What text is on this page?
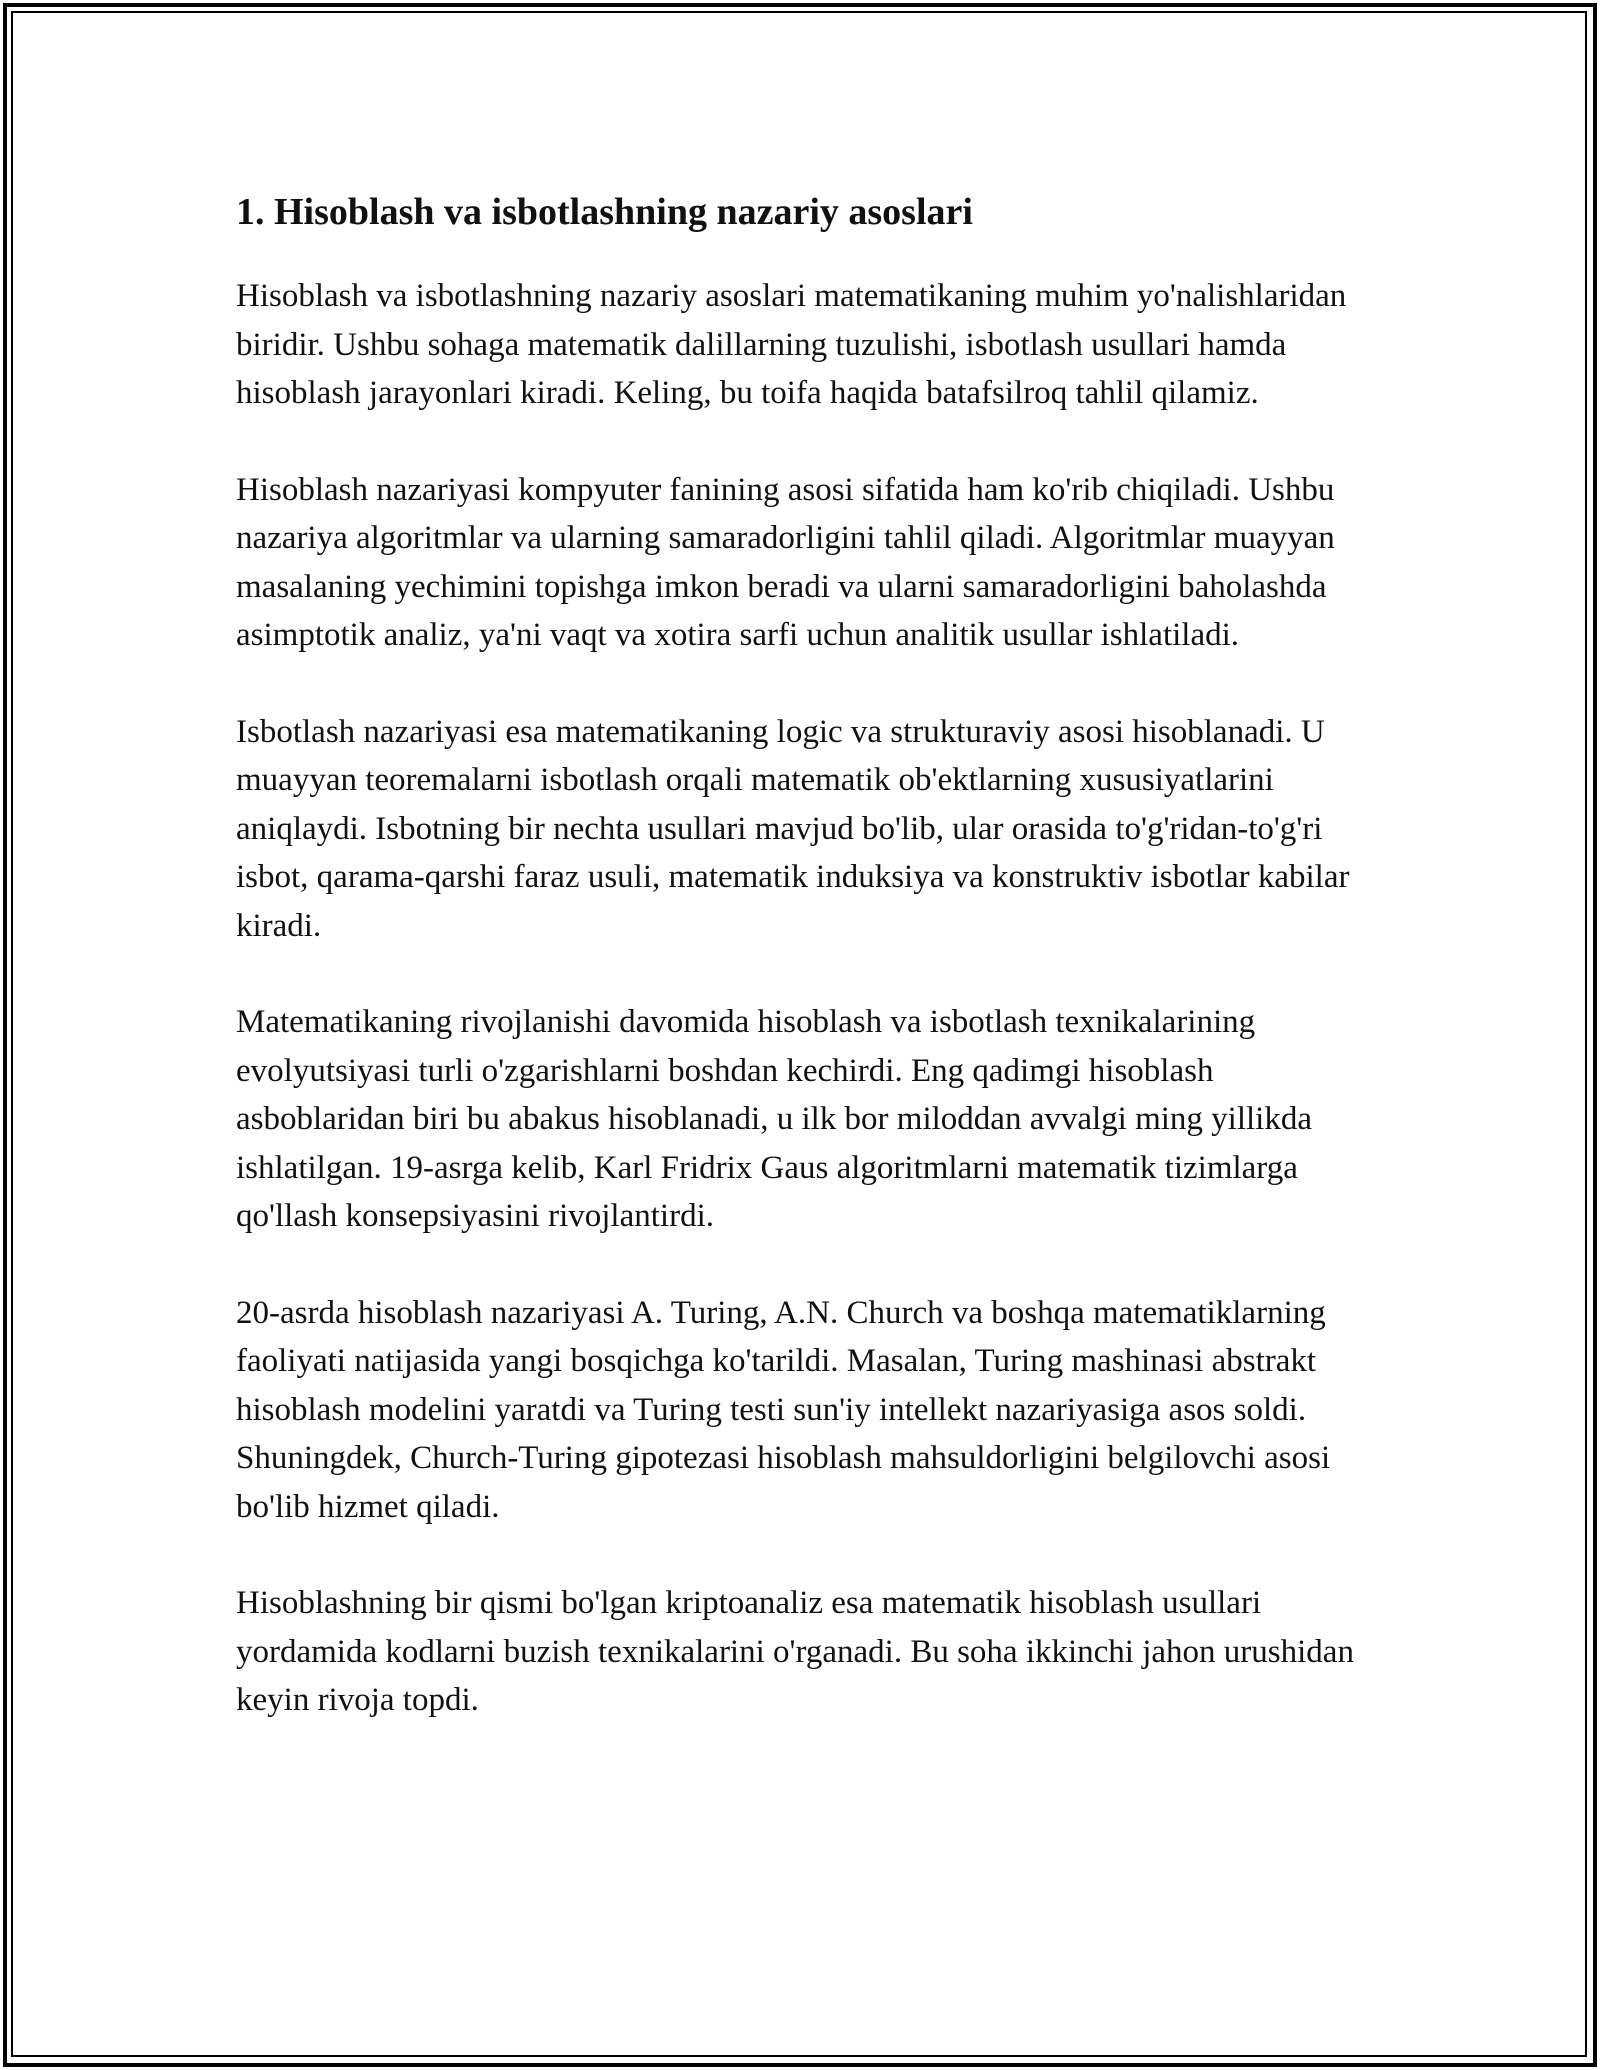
1. Hisoblash va isbotlashning nazariy asoslari

Hisoblash va isbotlashning nazariy asoslari matematikaning muhim yo'nalishlaridan biridir. Ushbu sohaga matematik dalillarning tuzulishi, isbotlash usullari hamda hisoblash jarayonlari kiradi. Keling, bu toifa haqida batafsilroq tahlil qilamiz.

Hisoblash nazariyasi kompyuter fanining asosi sifatida ham ko'rib chiqiladi. Ushbu nazariya algoritmlar va ularning samaradorligini tahlil qiladi. Algoritmlar muayyan masalaning yechimini topishga imkon beradi va ularni samaradorligini baholashda asimptotik analiz, ya'ni vaqt va xotira sarfi uchun analitik usullar ishlatiladi.

Isbotlash nazariyasi esa matematikaning logic va strukturaviy asosi hisoblanadi. U muayyan teoremalarni isbotlash orqali matematik ob'ektlarning xususiyatlarini aniqlaydi. Isbotning bir nechta usullari mavjud bo'lib, ular orasida to'g'ridan-to'g'ri isbot, qarama-qarshi faraz usuli, matematik induksiya va konstruktiv isbotlar kabilar kiradi.

Matematikaning rivojlanishi davomida hisoblash va isbotlash texnikalarining evolyutsiyasi turli o'zgarishlarni boshdan kechirdi. Eng qadimgi hisoblash asboblaridan biri bu abakus hisoblanadi, u ilk bor miloddan avvalgi ming yillikda ishlatilgan. 19-asrga kelib, Karl Fridrix Gaus algoritmlarni matematik tizimlarga qo'llash konsepsiyasini rivojlantirdi.

20-asrda hisoblash nazariyasi A. Turing, A.N. Church va boshqa matematiklarning faoliyati natijasida yangi bosqichga ko'tarildi. Masalan, Turing mashinasi abstrakt hisoblash modelini yaratdi va Turing testi sun'iy intellekt nazariyasiga asos soldi. Shuningdek, Church-Turing gipotezasi hisoblash mahsuldorligini belgilovchi asosi bo'lib hizmet qiladi.

Hisoblashning bir qismi bo'lgan kriptoanaliz esa matematik hisoblash usullari yordamida kodlarni buzish texnikalarini o'rganadi. Bu soha ikkinchi jahon urushidan keyin rivoja topdi.
